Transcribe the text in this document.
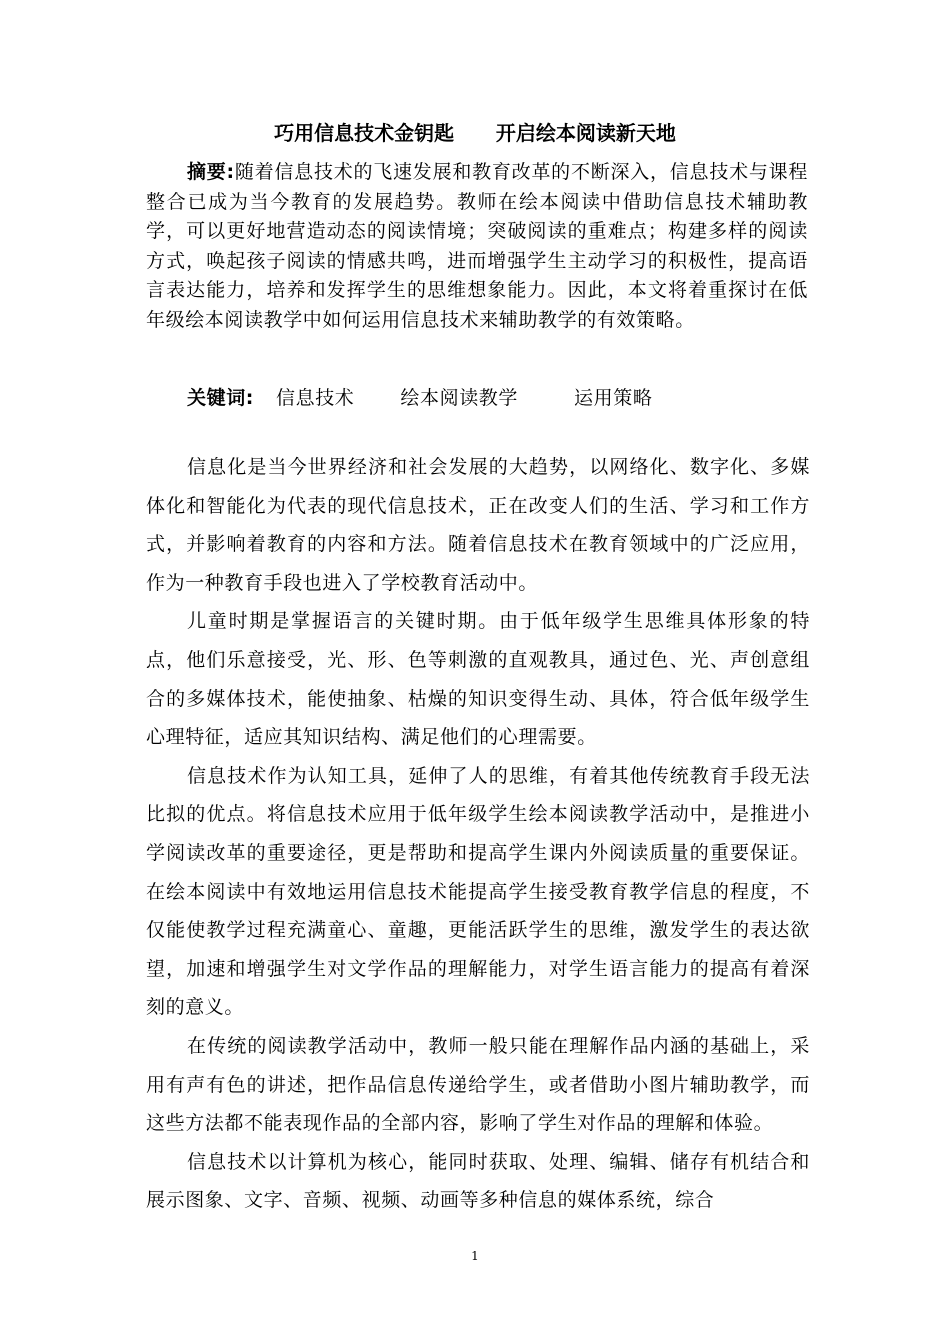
巧用信息技术金钥匙      开启绘本阅读新天地
摘要:随着信息技术的飞速发展和教育改革的不断深入，信息技术与课程整合已成为当今教育的发展趋势。教师在绘本阅读中借助信息技术辅助教学，可以更好地营造动态的阅读情境；突破阅读的重难点；构建多样的阅读方式，唤起孩子阅读的情感共鸣，进而增强学生主动学习的积极性，提高语言表达能力，培养和发挥学生的思维想象能力。因此，本文将着重探讨在低年级绘本阅读教学中如何运用信息技术来辅助教学的有效策略。
关键词: 信息技术 绘本阅读教学	运用策略

信息化是当今世界经济和社会发展的大趋势，以网络化、数字化、多媒体化和智能化为代表的现代信息技术，正在改变人们的生活、学习和工作方式，并影响着教育的内容和方法。随着信息技术在教育领域中的广泛应用，作为一种教育手段也进入了学校教育活动中。

儿童时期是掌握语言的关键时期。由于低年级学生思维具体形象的特点，他们乐意接受，光、形、色等刺激的直观教具，通过色、光、声创意组合的多媒体技术，能使抽象、枯燥的知识变得生动、具体，符合低年级学生心理特征，适应其知识结构、满足他们的心理需要。

信息技术作为认知工具，延伸了人的思维，有着其他传统教育手段无法比拟的优点。将信息技术应用于低年级学生绘本阅读教学活动中，是推进小学阅读改革的重要途径，更是帮助和提高学生课内外阅读质量的重要保证。在绘本阅读中有效地运用信息技术能提高学生接受教育教学信息的程度，不仅能使教学过程充满童心、童趣，更能活跃学生的思维，激发学生的表达欲望，加速和增强学生对文学作品的理解能力，对学生语言能力的提高有着深刻的意义。

在传统的阅读教学活动中，教师一般只能在理解作品内涵的基础上，采用有声有色的讲述，把作品信息传递给学生，或者借助小图片辅助教学，而这些方法都不能表现作品的全部内容，影响了学生对作品的理解和体验。

信息技术以计算机为核心，能同时获取、处理、编辑、储存有机结合和展示图象、文字、音频、视频、动画等多种信息的媒体系统，综合

1
